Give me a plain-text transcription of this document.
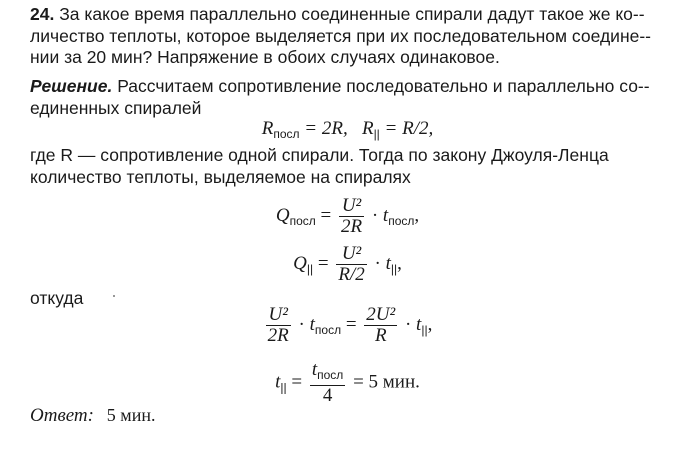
24. За какое время параллельно соединенные спирали дадут такое же ко-личество теплоты, которое выделяется при их последовательном соедине-нии за 20 мин? Напряжение в обоих случаях одинаковое.

Решение. Рассчитаем сопротивление последовательно и параллельно со-единенных спиралей

$R_{посл} = 2R$, $R_{||} = R/2$,

где R — сопротивление одной спирали. Тогда по закону Джоуля-Ленца количество теплоты, выделяемое на спиралях

$Q_{посл} = \frac{\text{U²}}{2R} \cdot t_{посл}$,
$Q_{||} = \frac{\text{U²}}{R/2} \cdot t_{||}$,
откуда
$\frac{\text{U²}}{2R} \cdot t_{посл} = \frac{\text{2U²}}{R} \cdot t_{||}$,
$t_{||} = \frac{t_{посл}}{4} = 5$ мин.
Ответ: 5 мин.
